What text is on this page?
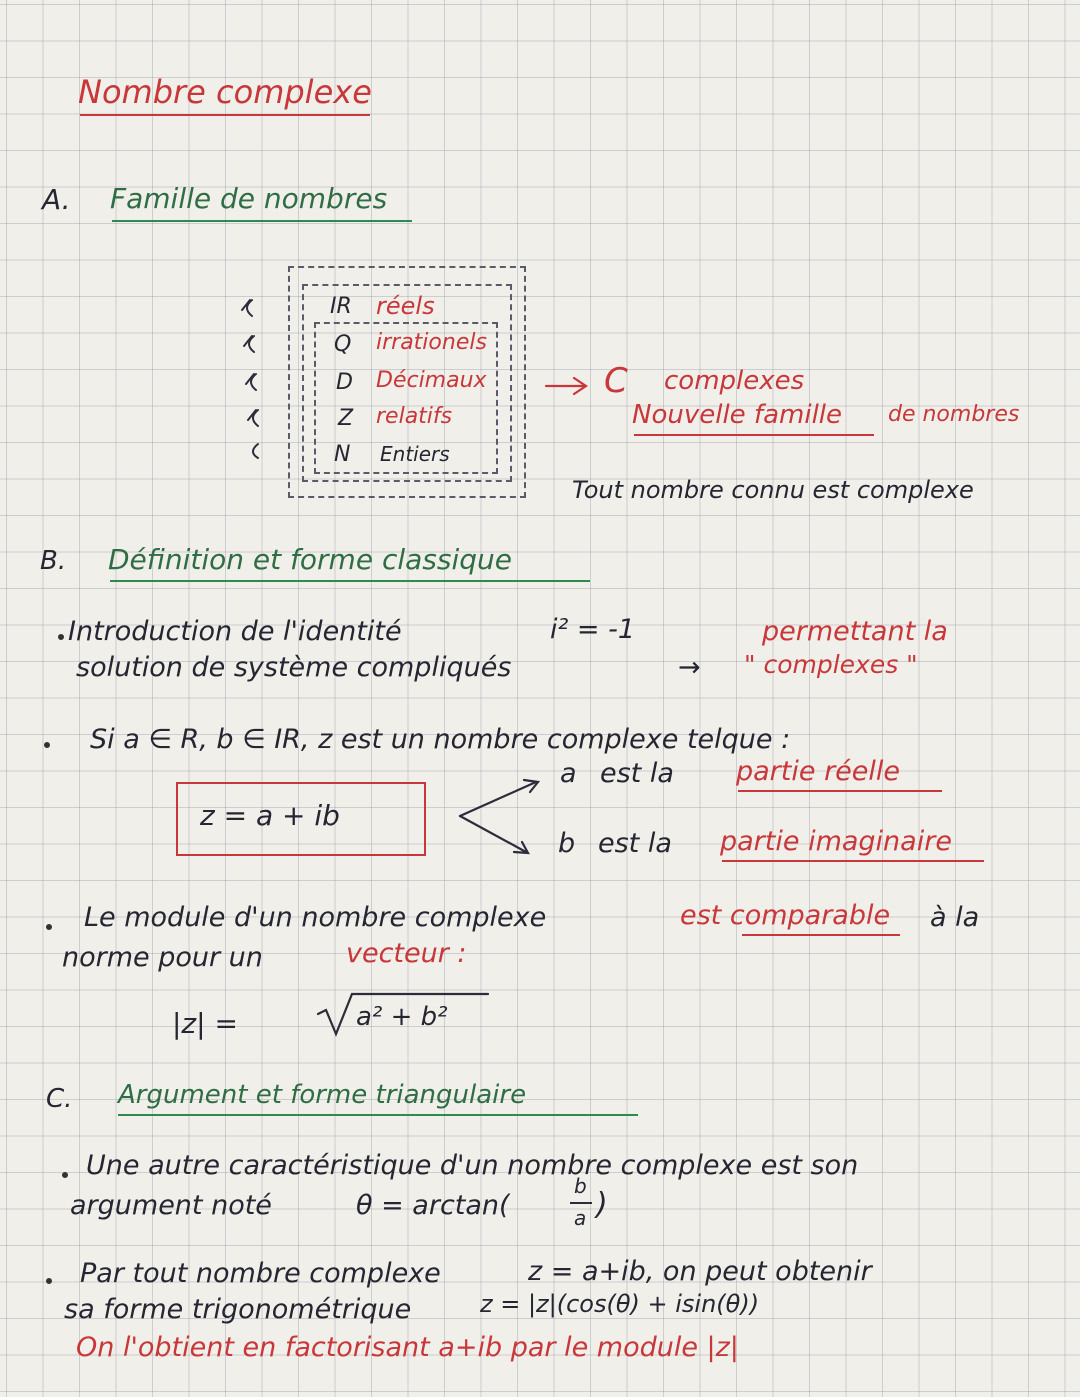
Nombre complexe
A. Famille de nombres
IR réels
Q irrationels
D Décimaux
Z relatifs
N Entiers
C complexes
Nouvelle famille de nombres
Tout nombre connu est complexe
B. Définition et forme classique
Introduction de l'identité	i² = -1	permettant la
solution de système compliqués	→ " complexes "
Si a ∈ R, b ∈ IR, z est un nombre complexe telque :
z = a + ib
a est la partie réelle
b est la partie imaginaire
Le module d'un nombre complexe	est comparable à la
norme pour un	vecteur :
|z| =	a² + b²
C. Argument et forme triangulaire
Une autre caractéristique d'un nombre complexe est son
argument noté	θ = arctan(
b
a )
Par tout nombre complexe	z = a+ib, on peut obtenir
sa forme trigonométrique	z = |z|(cos(θ) + isin(θ))
On l'obtient en factorisant a+ib par le module |z|
